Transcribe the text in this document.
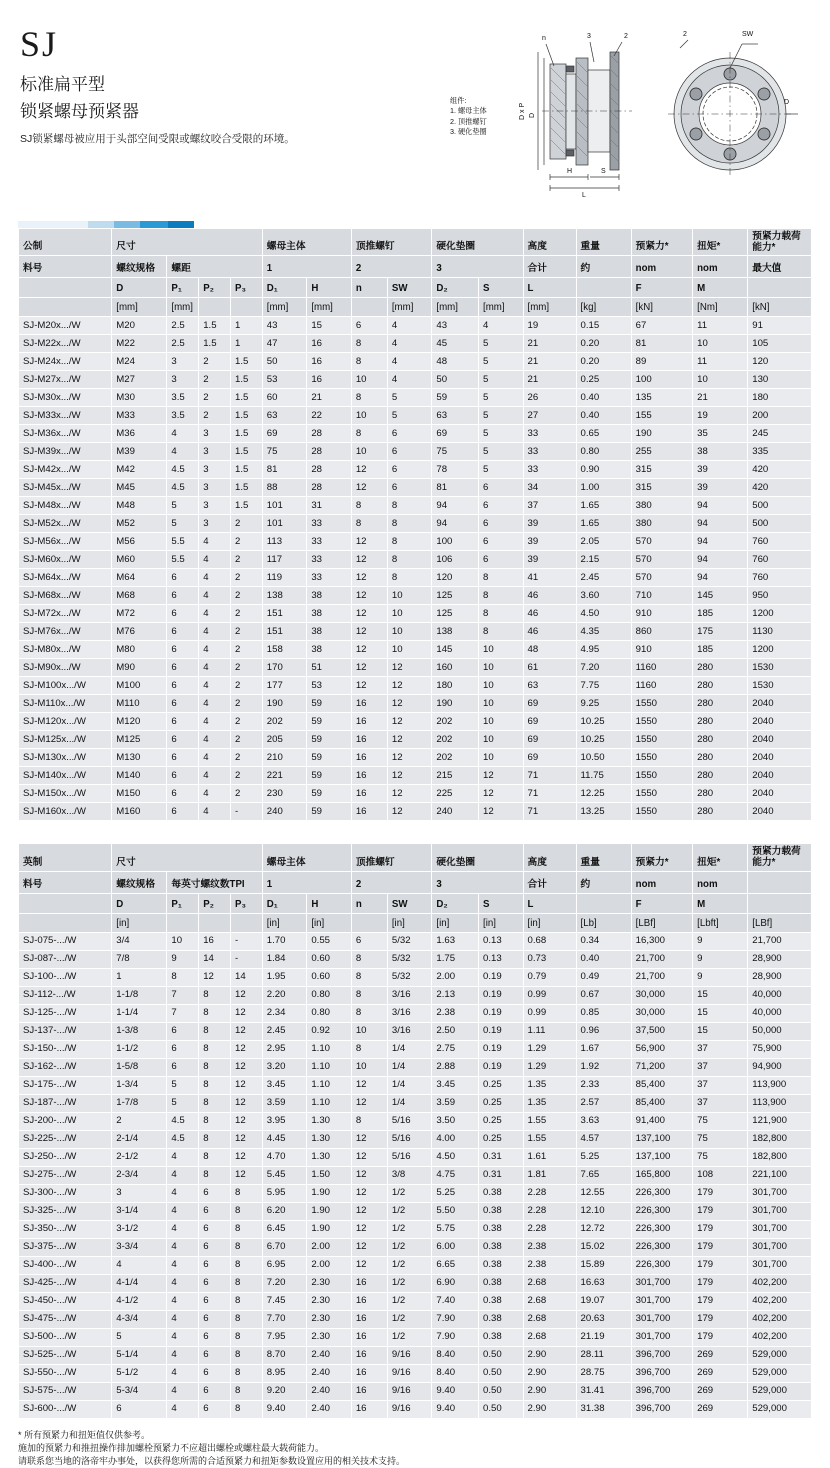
SJ
标准扁平型
锁紧螺母预紧器
SJ锁紧螺母被应用于头部空间受限或螺纹咬合受限的环境。
组件:
1. 螺母主体
2. 顶推螺钉
3. 硬化垫圈
D x P D
D
H	S
L
n	3	2	2	SW
公制	尺寸				螺母主体		顶推螺钉		硬化垫圈		高度	重量	预紧力*	扭矩*	预紧力载荷能力*
料号	螺纹规格	螺距			1		2		3		合计	约	nom	nom	最大值
	D	P₁	P₂	P₃	D₁	H	n	SW	D₂	S	L		F	M	
	[mm]	[mm]			[mm]	[mm]		[mm]	[mm]	[mm]	[mm]	[kg]	[kN]	[Nm]	[kN]
SJ-M20x.../W	M20	2.5	1.5	1	43	15	6	4	43	4	19	0.15	67	11	91
SJ-M22x.../W	M22	2.5	1.5	1	47	16	8	4	45	5	21	0.20	81	10	105
SJ-M24x.../W	M24	3	2	1.5	50	16	8	4	48	5	21	0.20	89	11	120
SJ-M27x.../W	M27	3	2	1.5	53	16	10	4	50	5	21	0.25	100	10	130
SJ-M30x.../W	M30	3.5	2	1.5	60	21	8	5	59	5	26	0.40	135	21	180
SJ-M33x.../W	M33	3.5	2	1.5	63	22	10	5	63	5	27	0.40	155	19	200
SJ-M36x.../W	M36	4	3	1.5	69	28	8	6	69	5	33	0.65	190	35	245
SJ-M39x.../W	M39	4	3	1.5	75	28	10	6	75	5	33	0.80	255	38	335
SJ-M42x.../W	M42	4.5	3	1.5	81	28	12	6	78	5	33	0.90	315	39	420
SJ-M45x.../W	M45	4.5	3	1.5	88	28	12	6	81	6	34	1.00	315	39	420
SJ-M48x.../W	M48	5	3	1.5	101	31	8	8	94	6	37	1.65	380	94	500
SJ-M52x.../W	M52	5	3	2	101	33	8	8	94	6	39	1.65	380	94	500
SJ-M56x.../W	M56	5.5	4	2	113	33	12	8	100	6	39	2.05	570	94	760
SJ-M60x.../W	M60	5.5	4	2	117	33	12	8	106	6	39	2.15	570	94	760
SJ-M64x.../W	M64	6	4	2	119	33	12	8	120	8	41	2.45	570	94	760
SJ-M68x.../W	M68	6	4	2	138	38	12	10	125	8	46	3.60	710	145	950
SJ-M72x.../W	M72	6	4	2	151	38	12	10	125	8	46	4.50	910	185	1200
SJ-M76x.../W	M76	6	4	2	151	38	12	10	138	8	46	4.35	860	175	1130
SJ-M80x.../W	M80	6	4	2	158	38	12	10	145	10	48	4.95	910	185	1200
SJ-M90x.../W	M90	6	4	2	170	51	12	12	160	10	61	7.20	1160	280	1530
SJ-M100x.../W	M100	6	4	2	177	53	12	12	180	10	63	7.75	1160	280	1530
SJ-M110x.../W	M110	6	4	2	190	59	16	12	190	10	69	9.25	1550	280	2040
SJ-M120x.../W	M120	6	4	2	202	59	16	12	202	10	69	10.25	1550	280	2040
SJ-M125x.../W	M125	6	4	2	205	59	16	12	202	10	69	10.25	1550	280	2040
SJ-M130x.../W	M130	6	4	2	210	59	16	12	202	10	69	10.50	1550	280	2040
SJ-M140x.../W	M140	6	4	2	221	59	16	12	215	12	71	11.75	1550	280	2040
SJ-M150x.../W	M150	6	4	2	230	59	16	12	225	12	71	12.25	1550	280	2040
SJ-M160x.../W	M160	6	4	-	240	59	16	12	240	12	71	13.25	1550	280	2040
英制	尺寸				螺母主体		顶推螺钉		硬化垫圈		高度	重量	预紧力*	扭矩*	预紧力载荷能力*
料号	螺纹规格	每英寸螺纹数TPI			1		2		3		合计	约	nom	nom	
	D	P₁	P₂	P₃	D₁	H	n	SW	D₂	S	L		F	M	
	[in]				[in]	[in]		[in]	[in]	[in]	[in]	[Lb]	[LBf]	[Lbft]	[LBf]
SJ-075-.../W	3/4	10	16	-	1.70	0.55	6	5/32	1.63	0.13	0.68	0.34	16,300	9	21,700
SJ-087-.../W	7/8	9	14	-	1.84	0.60	8	5/32	1.75	0.13	0.73	0.40	21,700	9	28,900
SJ-100-.../W	1	8	12	14	1.95	0.60	8	5/32	2.00	0.19	0.79	0.49	21,700	9	28,900
SJ-112-.../W	1-1/8	7	8	12	2.20	0.80	8	3/16	2.13	0.19	0.99	0.67	30,000	15	40,000
SJ-125-.../W	1-1/4	7	8	12	2.34	0.80	8	3/16	2.38	0.19	0.99	0.85	30,000	15	40,000
SJ-137-.../W	1-3/8	6	8	12	2.45	0.92	10	3/16	2.50	0.19	1.11	0.96	37,500	15	50,000
SJ-150-.../W	1-1/2	6	8	12	2.95	1.10	8	1/4	2.75	0.19	1.29	1.67	56,900	37	75,900
SJ-162-.../W	1-5/8	6	8	12	3.20	1.10	10	1/4	2.88	0.19	1.29	1.92	71,200	37	94,900
SJ-175-.../W	1-3/4	5	8	12	3.45	1.10	12	1/4	3.45	0.25	1.35	2.33	85,400	37	113,900
SJ-187-.../W	1-7/8	5	8	12	3.59	1.10	12	1/4	3.59	0.25	1.35	2.57	85,400	37	113,900
SJ-200-.../W	2	4.5	8	12	3.95	1.30	8	5/16	3.50	0.25	1.55	3.63	91,400	75	121,900
SJ-225-.../W	2-1/4	4.5	8	12	4.45	1.30	12	5/16	4.00	0.25	1.55	4.57	137,100	75	182,800
SJ-250-.../W	2-1/2	4	8	12	4.70	1.30	12	5/16	4.50	0.31	1.61	5.25	137,100	75	182,800
SJ-275-.../W	2-3/4	4	8	12	5.45	1.50	12	3/8	4.75	0.31	1.81	7.65	165,800	108	221,100
SJ-300-.../W	3	4	6	8	5.95	1.90	12	1/2	5.25	0.38	2.28	12.55	226,300	179	301,700
SJ-325-.../W	3-1/4	4	6	8	6.20	1.90	12	1/2	5.50	0.38	2.28	12.10	226,300	179	301,700
SJ-350-.../W	3-1/2	4	6	8	6.45	1.90	12	1/2	5.75	0.38	2.28	12.72	226,300	179	301,700
SJ-375-.../W	3-3/4	4	6	8	6.70	2.00	12	1/2	6.00	0.38	2.38	15.02	226,300	179	301,700
SJ-400-.../W	4	4	6	8	6.95	2.00	12	1/2	6.65	0.38	2.38	15.89	226,300	179	301,700
SJ-425-.../W	4-1/4	4	6	8	7.20	2.30	16	1/2	6.90	0.38	2.68	16.63	301,700	179	402,200
SJ-450-.../W	4-1/2	4	6	8	7.45	2.30	16	1/2	7.40	0.38	2.68	19.07	301,700	179	402,200
SJ-475-.../W	4-3/4	4	6	8	7.70	2.30	16	1/2	7.90	0.38	2.68	20.63	301,700	179	402,200
SJ-500-.../W	5	4	6	8	7.95	2.30	16	1/2	7.90	0.38	2.68	21.19	301,700	179	402,200
SJ-525-.../W	5-1/4	4	6	8	8.70	2.40	16	9/16	8.40	0.50	2.90	28.11	396,700	269	529,000
SJ-550-.../W	5-1/2	4	6	8	8.95	2.40	16	9/16	8.40	0.50	2.90	28.75	396,700	269	529,000
SJ-575-.../W	5-3/4	4	6	8	9.20	2.40	16	9/16	9.40	0.50	2.90	31.41	396,700	269	529,000
SJ-600-.../W	6	4	6	8	9.40	2.40	16	9/16	9.40	0.50	2.90	31.38	396,700	269	529,000
* 所有预紧力和扭矩值仅供参考。
施加的预紧力和推扭操作排加螺栓预紧力不应超出螺栓或螺柱最大载荷能力。
请联系您当地的洛帝牢办事处，以获得您所需的合适预紧力和扭矩参数设置应用的相关技术支持。
